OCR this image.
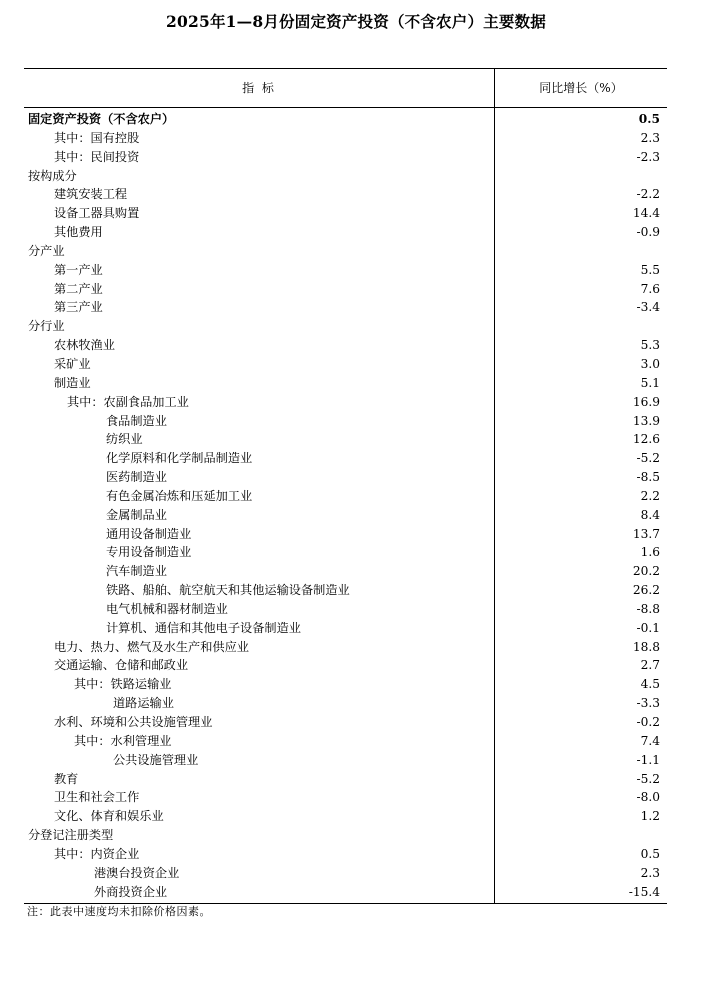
2025年1—8月份固定资产投资（不含农户）主要数据
指 标	同比增长（%）
固定资产投资（不含农户）	0.5
其中：国有控股	2.3
其中：民间投资	-2.3
按构成分
建筑安装工程	-2.2
设备工器具购置	14.4
其他费用	-0.9
分产业
第一产业	5.5
第二产业	7.6
第三产业	-3.4
分行业
农林牧渔业	5.3
采矿业	3.0
制造业	5.1
其中：农副食品加工业	16.9
食品制造业	13.9
纺织业	12.6
化学原料和化学制品制造业	-5.2
医药制造业	-8.5
有色金属冶炼和压延加工业	2.2
金属制品业	8.4
通用设备制造业	13.7
专用设备制造业	1.6
汽车制造业	20.2
铁路、船舶、航空航天和其他运输设备制造业	26.2
电气机械和器材制造业	-8.8
计算机、通信和其他电子设备制造业	-0.1
电力、热力、燃气及水生产和供应业	18.8
交通运输、仓储和邮政业	2.7
其中：铁路运输业	4.5
道路运输业	-3.3
水利、环境和公共设施管理业	-0.2
其中：水利管理业	7.4
公共设施管理业	-1.1
教育	-5.2
卫生和社会工作	-8.0
文化、体育和娱乐业	1.2
分登记注册类型
其中：内资企业	0.5
港澳台投资企业	2.3
外商投资企业	-15.4
注：此表中速度均未扣除价格因素。
